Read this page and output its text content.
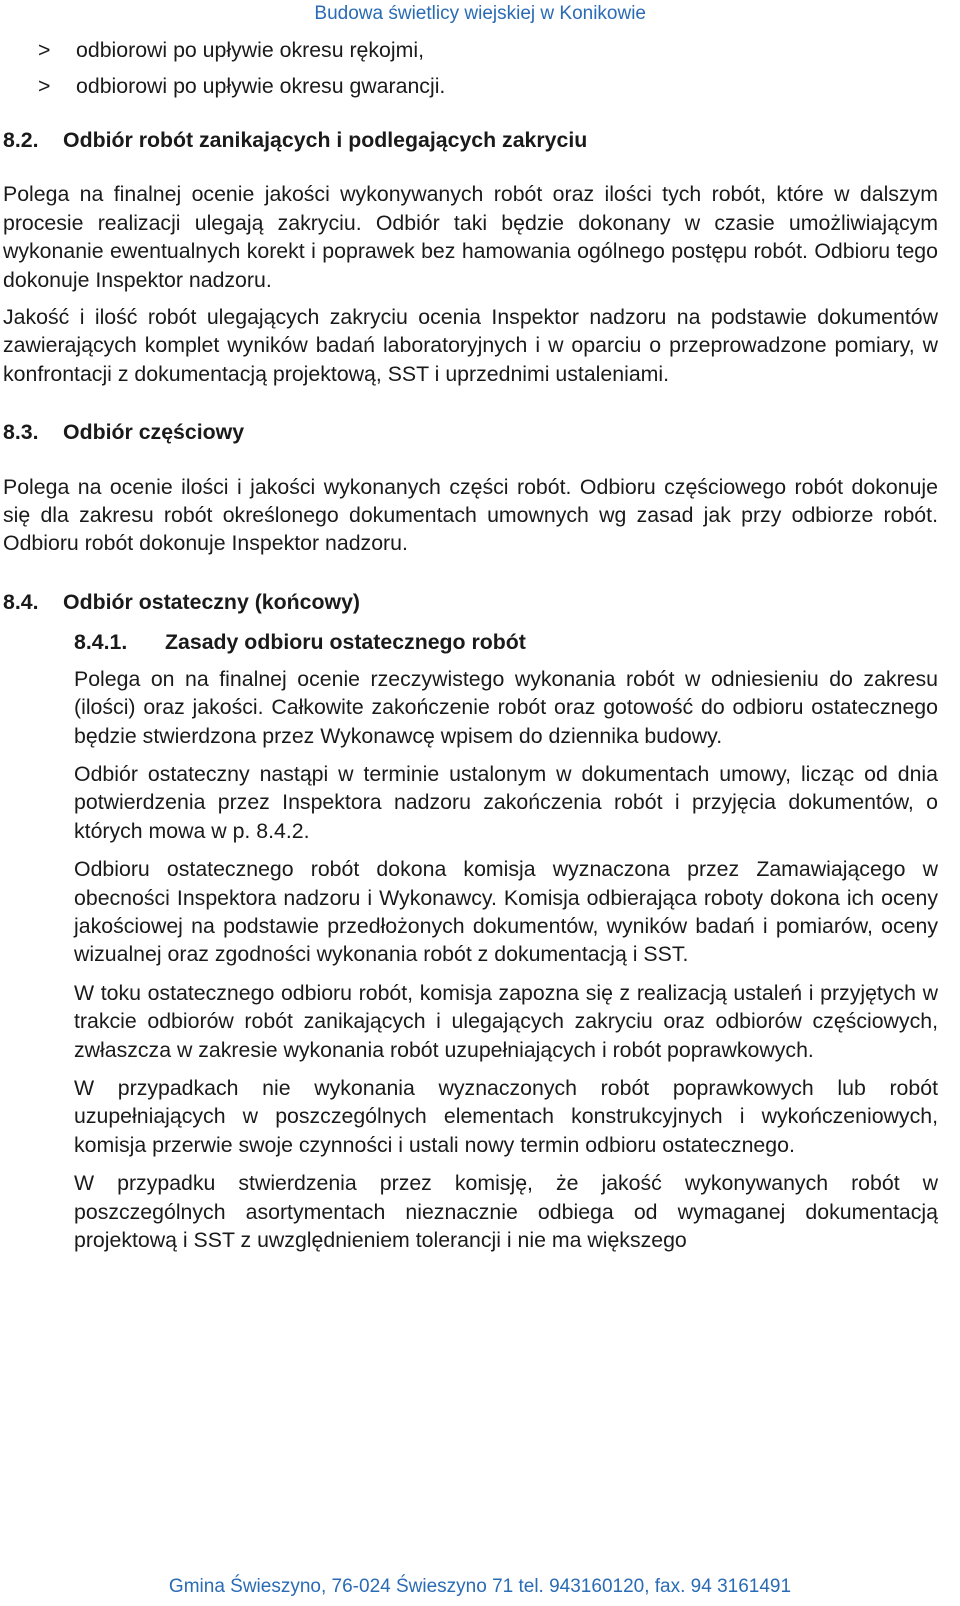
Budowa świetlicy wiejskiej w Konikowie
> odbiorowi po upływie okresu rękojmi,
> odbiorowi po upływie okresu gwarancji.
8.2.	Odbiór robót zanikających i podlegających zakryciu

Polega na finalnej ocenie jakości wykonywanych robót oraz ilości tych robót, które w dalszym procesie realizacji ulegają zakryciu. Odbiór taki będzie dokonany w czasie umożliwiającym wykonanie ewentualnych korekt i poprawek bez hamowania ogólnego postępu robót. Odbioru tego dokonuje Inspektor nadzoru.

Jakość i ilość robót ulegających zakryciu ocenia Inspektor nadzoru na podstawie dokumentów zawierających komplet wyników badań laboratoryjnych i w oparciu o przeprowadzone pomiary, w konfrontacji z dokumentacją projektową, SST i uprzednimi ustaleniami.

8.3.	Odbiór częściowy

Polega na ocenie ilości i jakości wykonanych części robót. Odbioru częściowego robót dokonuje się dla zakresu robót określonego dokumentach umownych wg zasad jak przy odbiorze robót. Odbioru robót dokonuje Inspektor nadzoru.

8.4.	Odbiór ostateczny (końcowy)
8.4.1.	Zasady odbioru ostatecznego robót

Polega on na finalnej ocenie rzeczywistego wykonania robót w odniesieniu do zakresu (ilości) oraz jakości. Całkowite zakończenie robót oraz gotowość do odbioru ostatecznego będzie stwierdzona przez Wykonawcę wpisem do dziennika budowy.

Odbiór ostateczny nastąpi w terminie ustalonym w dokumentach umowy, licząc od dnia potwierdzenia przez Inspektora nadzoru zakończenia robót i przyjęcia dokumentów, o których mowa w p. 8.4.2.

Odbioru ostatecznego robót dokona komisja wyznaczona przez Zamawiającego w obecności Inspektora nadzoru i Wykonawcy. Komisja odbierająca roboty dokona ich oceny jakościowej na podstawie przedłożonych dokumentów, wyników badań i pomiarów, oceny wizualnej oraz zgodności wykonania robót z dokumentacją i SST.

W toku ostatecznego odbioru robót, komisja zapozna się z realizacją ustaleń i przyjętych w trakcie odbiorów robót zanikających i ulegających zakryciu oraz odbiorów częściowych, zwłaszcza w zakresie wykonania robót uzupełniających i robót poprawkowych.

W przypadkach nie wykonania wyznaczonych robót poprawkowych lub robót uzupełniających w poszczególnych elementach konstrukcyjnych i wykończeniowych, komisja przerwie swoje czynności i ustali nowy termin odbioru ostatecznego.

W przypadku stwierdzenia przez komisję, że jakość wykonywanych robót w poszczególnych asortymentach nieznacznie odbiega od wymaganej dokumentacją projektową i SST z uwzględnieniem tolerancji i nie ma większego

Gmina Świeszyno, 76-024 Świeszyno 71 tel. 943160120, fax. 94 3161491
